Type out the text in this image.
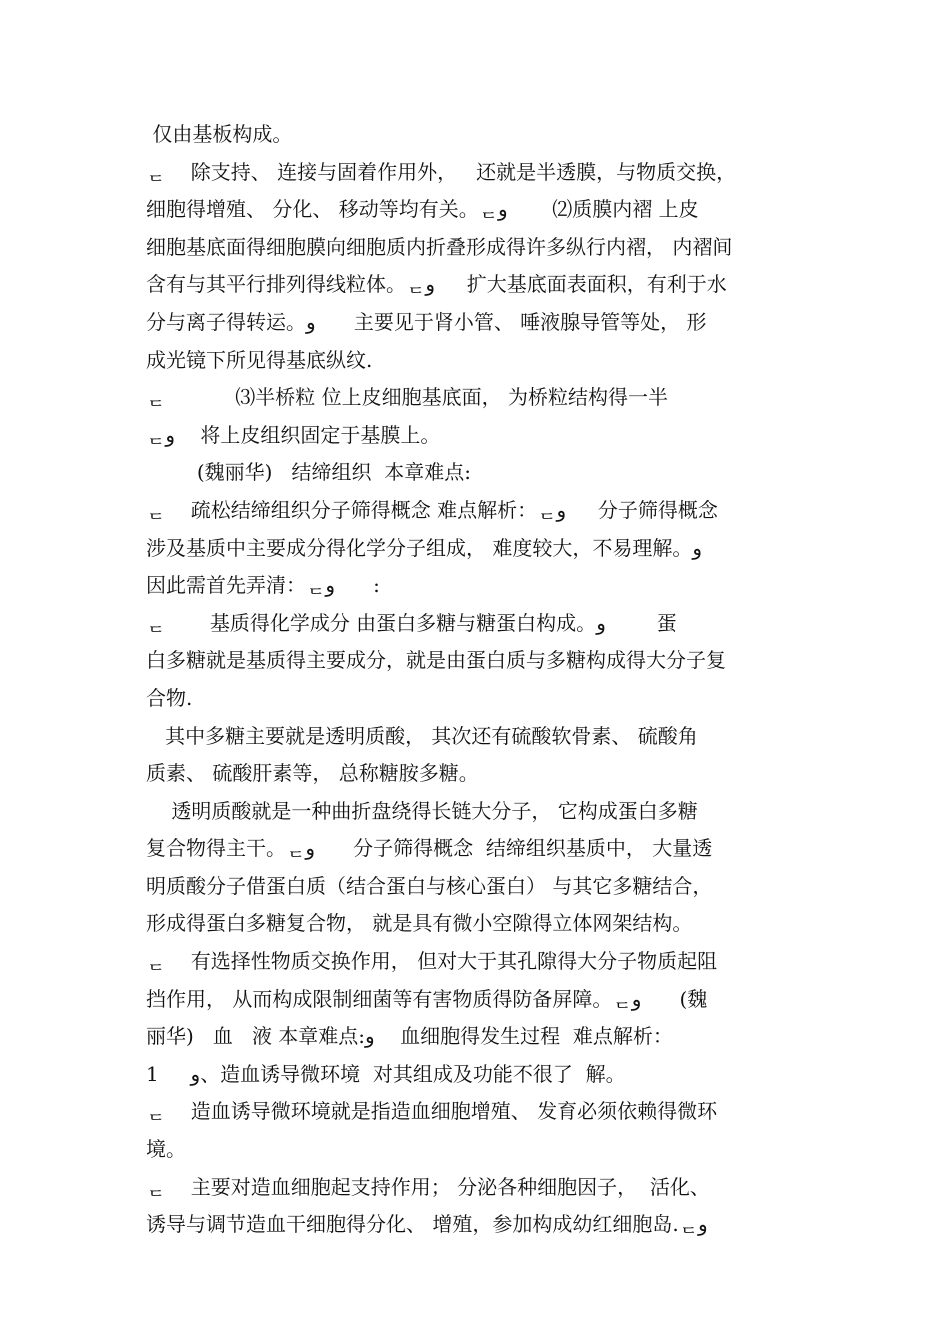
仅由基板构成。
ᆮ    除支持、 连接与固着作用外，   还就是半透膜，与物质交换，
细胞得增殖、 分化、 移动等均有关。ᆮو       ⑵质膜内褶 上皮
细胞基底面得细胞膜向细胞质内折叠形成得许多纵行内褶， 内褶间
含有与其平行排列得线粒体。ᆮو     扩大基底面表面积，有利于水
分与离子得转运。و      主要见于肾小管、 唾液腺导管等处， 形
成光镜下所见得基底纵纹.
ᆮ           ⑶半桥粒 位上皮细胞基底面， 为桥粒结构得一半
ᆮو    将上皮组织固定于基膜上。
(魏丽华)   结缔组织  本章难点:
ᆮ    疏松结缔组织分子筛得概念 难点解析：ᆮو     分子筛得概念
涉及基质中主要成分得化学分子组成， 难度较大，不易理解。و
因此需首先弄清：ᆮو      :
ᆮ       基质得化学成分 由蛋白多糖与糖蛋白构成。و        蛋
白多糖就是基质得主要成分，就是由蛋白质与多糖构成得大分子复
合物.
其中多糖主要就是透明质酸， 其次还有硫酸软骨素、 硫酸角
质素、 硫酸肝素等， 总称糖胺多糖。
透明质酸就是一种曲折盘绕得长链大分子， 它构成蛋白多糖
复合物得主干。ᆮو      分子筛得概念  结缔组织基质中， 大量透
明质酸分子借蛋白质（结合蛋白与核心蛋白） 与其它多糖结合，
形成得蛋白多糖复合物， 就是具有微小空隙得立体网架结构。
ᆮ    有选择性物质交换作用， 但对大于其孔隙得大分子物质起阻
挡作用， 从而构成限制细菌等有害物质得防备屏障。ᆮو      (魏
丽华)   血   液 本章难点:و    血细胞得发生过程  难点解析：
1     و、造血诱导微环境  对其组成及功能不很了  解。
ᆮ    造血诱导微环境就是指造血细胞增殖、 发育必须依赖得微环
境。
ᆮ    主要对造血细胞起支持作用； 分泌各种细胞因子，  活化、
诱导与调节造血干细胞得分化、 增殖，参加构成幼红细胞岛.ᆮو
